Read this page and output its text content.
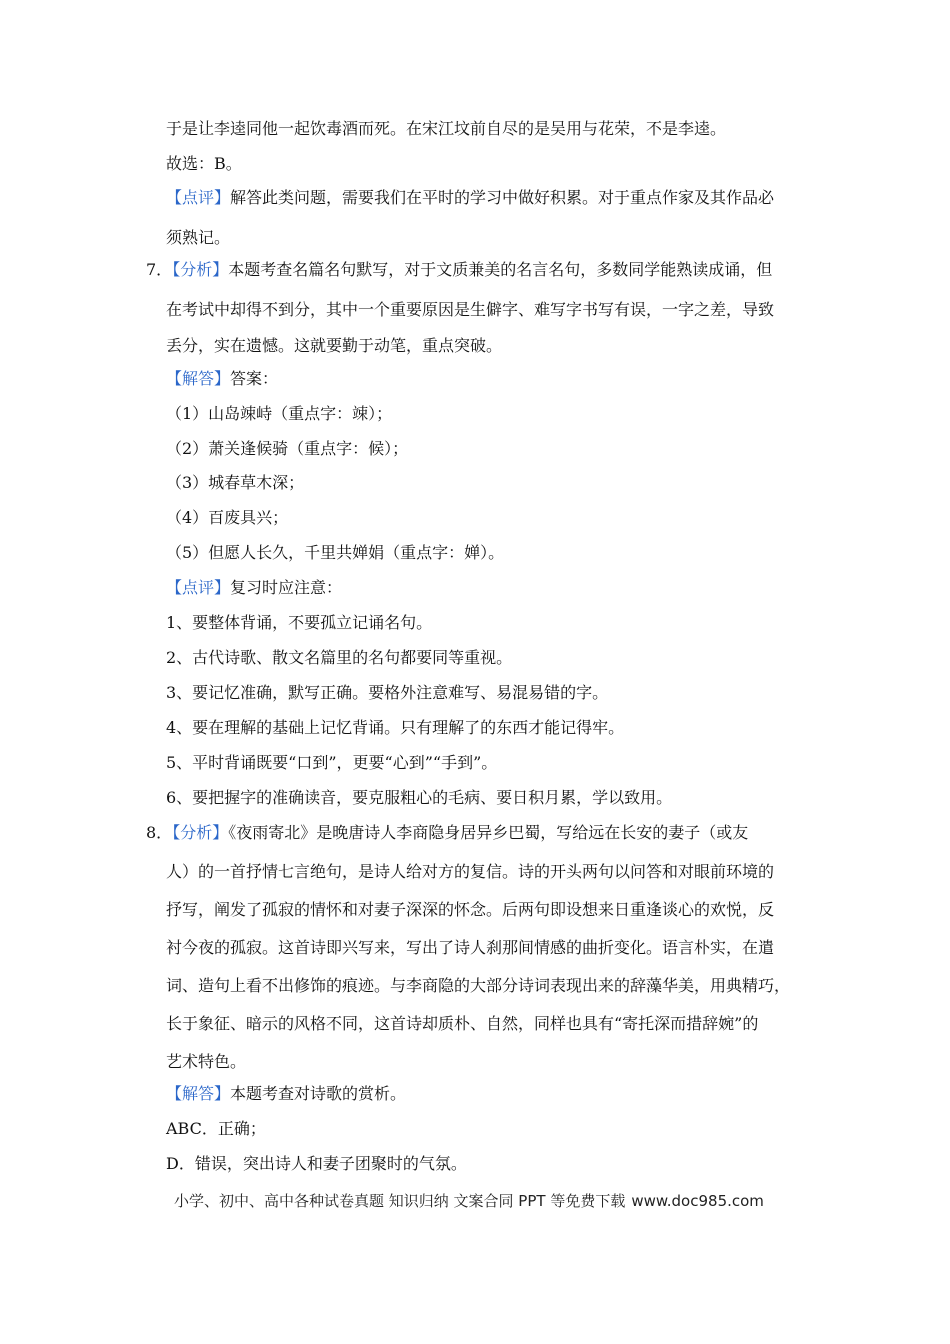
于是让李逵同他一起饮毒酒而死。在宋江坟前自尽的是吴用与花荣，不是李逵。
故选：B。
【点评】解答此类问题，需要我们在平时的学习中做好积累。对于重点作家及其作品必
须熟记。
7．【分析】本题考查名篇名句默写，对于文质兼美的名言名句，多数同学能熟读成诵，但
在考试中却得不到分，其中一个重要原因是生僻字、难写字书写有误，一字之差，导致
丢分，实在遗憾。这就要勤于动笔，重点突破。
【解答】答案：
（1）山岛竦峙（重点字：竦）；
（2）萧关逢候骑（重点字：候）；
（3）城春草木深；
（4）百废具兴；
（5）但愿人长久，千里共婵娟（重点字：婵）。
【点评】复习时应注意：
1、要整体背诵，不要孤立记诵名句。
2、古代诗歌、散文名篇里的名句都要同等重视。
3、要记忆准确，默写正确。要格外注意难写、易混易错的字。
4、要在理解的基础上记忆背诵。只有理解了的东西才能记得牢。
5、平时背诵既要“口到”，更要“心到”“手到”。
6、要把握字的准确读音，要克服粗心的毛病、要日积月累，学以致用。
8．【分析】《夜雨寄北》是晚唐诗人李商隐身居异乡巴蜀，写给远在长安的妻子（或友
人）的一首抒情七言绝句，是诗人给对方的复信。诗的开头两句以问答和对眼前环境的
抒写，阐发了孤寂的情怀和对妻子深深的怀念。后两句即设想来日重逢谈心的欢悦，反
衬今夜的孤寂。这首诗即兴写来，写出了诗人刹那间情感的曲折变化。语言朴实，在遣
词、造句上看不出修饰的痕迹。与李商隐的大部分诗词表现出来的辞藻华美，用典精巧，
长于象征、暗示的风格不同，这首诗却质朴、自然，同样也具有“寄托深而措辞婉”的
艺术特色。
【解答】本题考查对诗歌的赏析。
ABC．正确；
D．错误，突出诗人和妻子团聚时的气氛。
小学、初中、高中各种试卷真题 知识归纳 文案合同 PPT 等免费下载 www.doc985.com
